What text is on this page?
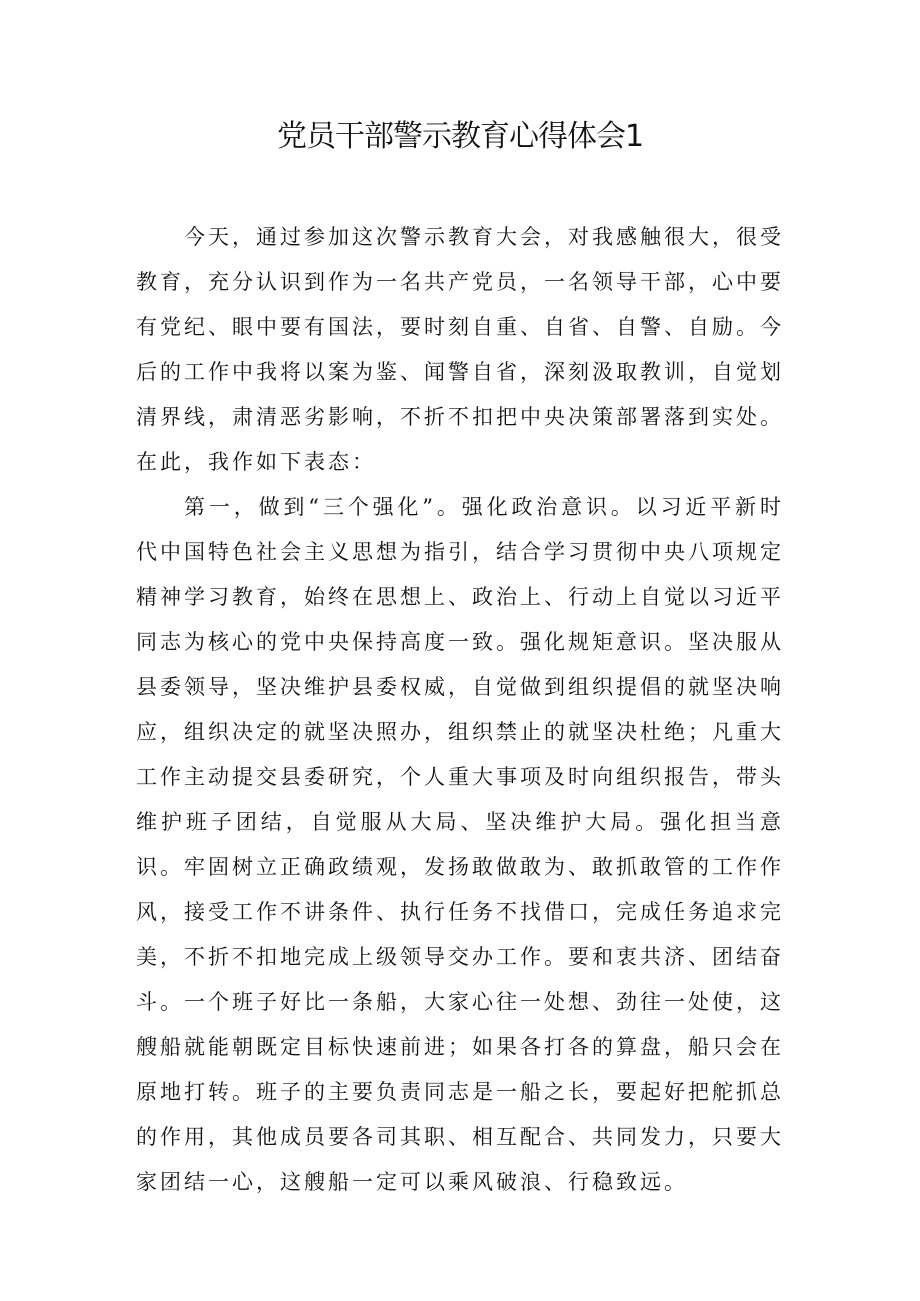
党员干部警示教育心得体会1

今天，通过参加这次警示教育大会，对我感触很大，很受教育，充分认识到作为一名共产党员，一名领导干部，心中要有党纪、眼中要有国法，要时刻自重、自省、自警、自励。今后的工作中我将以案为鉴、闻警自省，深刻汲取教训，自觉划清界线，肃清恶劣影响，不折不扣把中央决策部署落到实处。在此，我作如下表态：

第一，做到“三个强化”。强化政治意识。以习近平新时代中国特色社会主义思想为指引，结合学习贯彻中央八项规定精神学习教育，始终在思想上、政治上、行动上自觉以习近平同志为核心的党中央保持高度一致。强化规矩意识。坚决服从县委领导，坚决维护县委权威，自觉做到组织提倡的就坚决响应，组织决定的就坚决照办，组织禁止的就坚决杜绝；凡重大工作主动提交县委研究，个人重大事项及时向组织报告，带头维护班子团结，自觉服从大局、坚决维护大局。强化担当意识。牢固树立正确政绩观，发扬敢做敢为、敢抓敢管的工作作风，接受工作不讲条件、执行任务不找借口，完成任务追求完美，不折不扣地完成上级领导交办工作。要和衷共济、团结奋斗。一个班子好比一条船，大家心往一处想、劲往一处使，这艘船就能朝既定目标快速前进；如果各打各的算盘，船只会在原地打转。班子的主要负责同志是一船之长，要起好把舵抓总的作用，其他成员要各司其职、相互配合、共同发力，只要大家团结一心，这艘船一定可以乘风破浪、行稳致远。
